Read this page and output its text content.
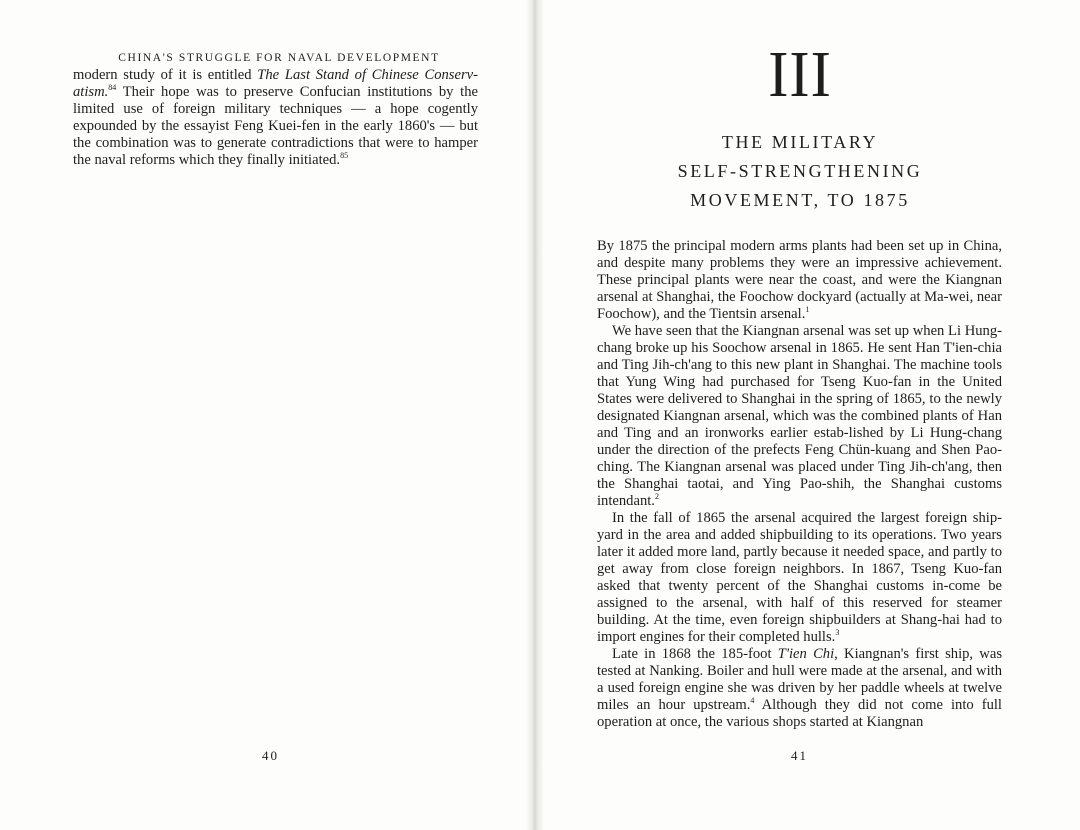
CHINA'S STRUGGLE FOR NAVAL DEVELOPMENT
modern study of it is entitled The Last Stand of Chinese Conserv-atism.$^{84}$ Their hope was to preserve Confucian institutions by the limited use of foreign military techniques — a hope cogently expounded by the essayist Feng Kuei-fen in the early 1860's — but the combination was to generate contradictions that were to hamper the naval reforms which they finally initiated.$^{85}$
40
III
THE MILITARY
SELF-STRENGTHENING
MOVEMENT, TO 1875

By 1875 the principal modern arms plants had been set up in China, and despite many problems they were an impressive achievement. These principal plants were near the coast, and were the Kiangnan arsenal at Shanghai, the Foochow dockyard (actually at Ma-wei, near Foochow), and the Tientsin arsenal.$^1$

We have seen that the Kiangnan arsenal was set up when Li Hung-chang broke up his Soochow arsenal in 1865. He sent Han T'ien-chia and Ting Jih-ch'ang to this new plant in Shanghai. The machine tools that Yung Wing had purchased for Tseng Kuo-fan in the United States were delivered to Shanghai in the spring of 1865, to the newly designated Kiangnan arsenal, which was the combined plants of Han and Ting and an ironworks earlier estab-lished by Li Hung-chang under the direction of the prefects Feng Chün-kuang and Shen Pao-ching. The Kiangnan arsenal was placed under Ting Jih-ch'ang, then the Shanghai taotai, and Ying Pao-shih, the Shanghai customs intendant.$^2$

In the fall of 1865 the arsenal acquired the largest foreign ship-yard in the area and added shipbuilding to its operations. Two years later it added more land, partly because it needed space, and partly to get away from close foreign neighbors. In 1867, Tseng Kuo-fan asked that twenty percent of the Shanghai customs in-come be assigned to the arsenal, with half of this reserved for steamer building. At the time, even foreign shipbuilders at Shang-hai had to import engines for their completed hulls.$^3$

Late in 1868 the 185-foot T'ien Chi, Kiangnan's first ship, was tested at Nanking. Boiler and hull were made at the arsenal, and with a used foreign engine she was driven by her paddle wheels at twelve miles an hour upstream.$^4$ Although they did not come into full operation at once, the various shops started at Kiangnan

41
